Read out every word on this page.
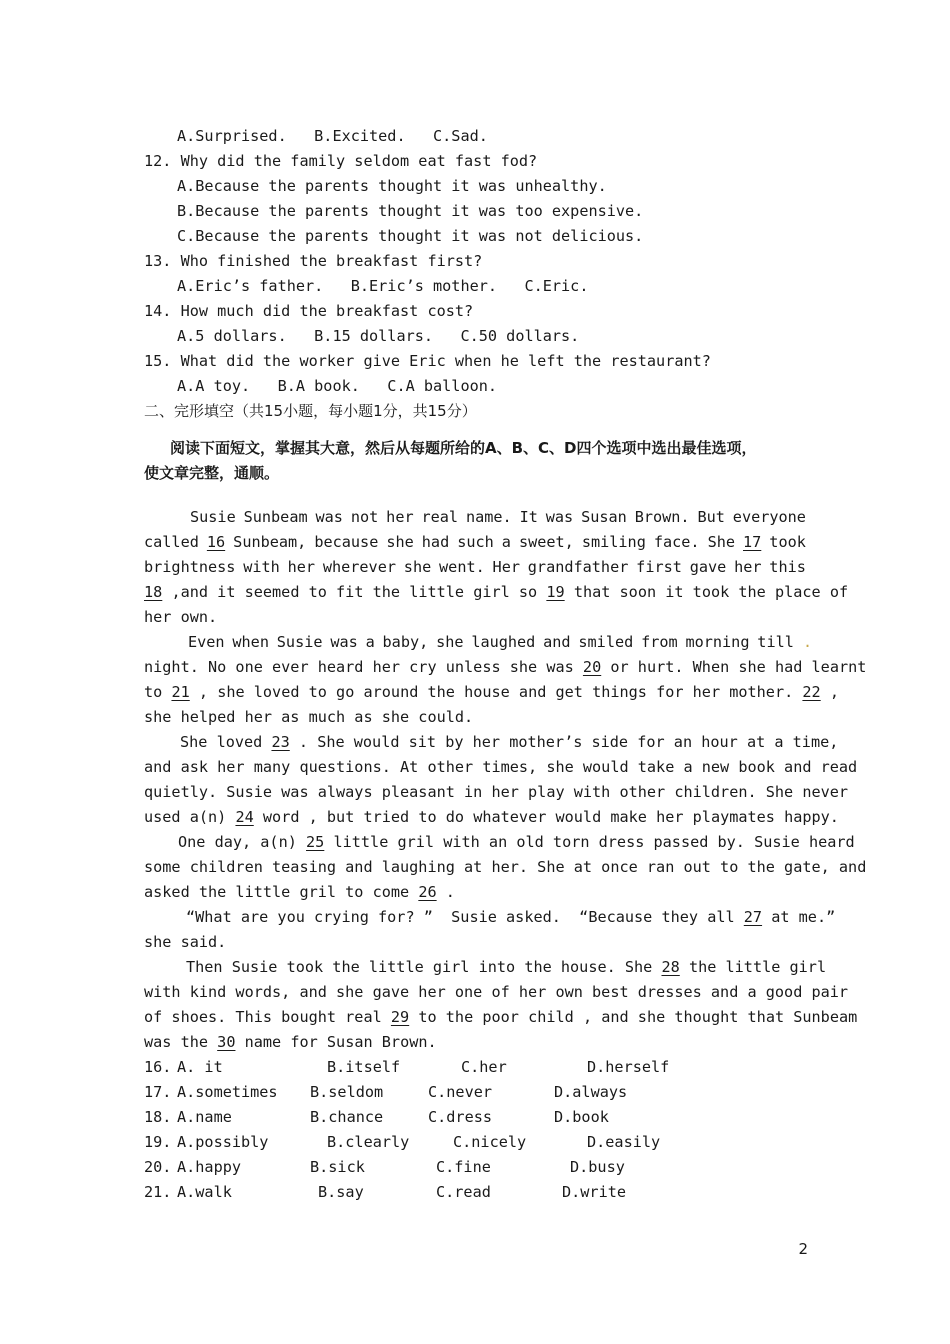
A.Surprised.   B.Excited.   C.Sad.
12. Why did the family seldom eat fast fod?
A.Because the parents thought it was unhealthy.
B.Because the parents thought it was too expensive.
C.Because the parents thought it was not delicious.
13. Who finished the breakfast first?
A.Eric’s father.   B.Eric’s mother.   C.Eric.
14. How much did the breakfast cost?
A.5 dollars.   B.15 dollars.   C.50 dollars.
15. What did the worker give Eric when he left the restaurant?
A.A toy.   B.A book.   C.A balloon.
二、完形填空（共15小题，每小题1分，共15分）
阅读下面短文，掌握其大意，然后从每题所给的A、B、C、D四个选项中选出最佳选项，
使文章完整，通顺。
Susie Sunbeam was not her real name. It was Susan Brown. But everyone
called 16 Sunbeam, because she had such a sweet, smiling face. She 17 took
brightness with her wherever she went. Her grandfather first gave her this
18 ,and it seemed to fit the little girl so 19 that soon it took the place of
her own.
Even when Susie was a baby, she laughed and smiled from morning till .
night. No one ever heard her cry unless she was 20 or hurt. When she had learnt
to 21 , she loved to go around the house and get things for her mother. 22 ,
she helped her as much as she could.
She loved 23 . She would sit by her mother’s side for an hour at a time,
and ask her many questions. At other times, she would take a new book and read
quietly. Susie was always pleasant in her play with other children. She never
used a(n) 24 word , but tried to do whatever would make her playmates happy.
One day, a(n) 25 little gril with an old torn dress passed by. Susie heard
some children teasing and laughing at her. She at once ran out to the gate, and
asked the little gril to come 26 .
“What are you crying for? ”  Susie asked.  “Because they all 27 at me.”
she said.
Then Susie took the little girl into the house. She 28 the little girl
with kind words, and she gave her one of her own best dresses and a good pair
of shoes. This bought real 29 to the poor child , and she thought that Sunbeam
was the 30 name for Susan Brown.
16. A. it	B.itself	C.her	D.herself
17. A.sometimes B.seldom	C.never	D.always
18. A.name	B.chance	C.dress	D.book
19. A.possibly	B.clearly	C.nicely	D.easily
20. A.happy	B.sick	C.fine	D.busy
21. A.walk	B.say	C.read	D.write
2
